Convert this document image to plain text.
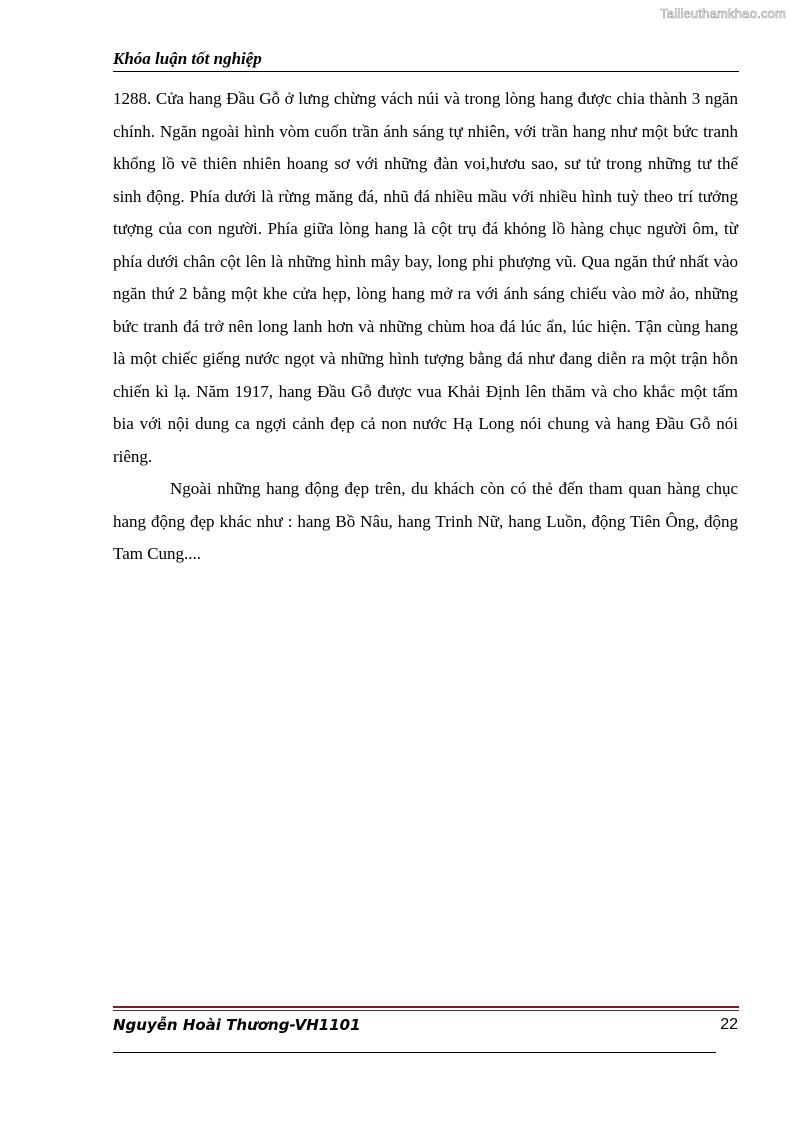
Tailieuthamkhao.com
Khóa luận tốt nghiệp

1288. Cửa hang Đầu Gỗ ở lưng chừng vách núi và trong lòng hang được chia thành 3 ngăn chính. Ngăn ngoài hình vòm cuốn trần ánh sáng tự nhiên, với trần hang như một bức tranh khổng lồ vẽ thiên nhiên hoang sơ với những đàn voi,hươu sao, sư tử trong những tư thế sinh động. Phía dưới là rừng măng đá, nhũ đá nhiều mầu với nhiều hình tuỳ theo trí tưởng tượng của con người. Phía giữa lòng hang là cột trụ đá khỏng lồ hàng chục người ôm, từ phía dưới chân cột lên là những hình mây bay, long phi phượng vũ. Qua ngăn thứ nhất vào ngăn thứ 2 bằng một khe cửa hẹp, lòng hang mở ra với ánh sáng chiếu vào mờ ảo, những bức tranh đá trở nên long lanh hơn và những chùm hoa đá lúc ẩn, lúc hiện. Tận cùng hang là một chiếc giếng nước ngọt và những hình tượng bằng đá như đang diễn ra một trận hỗn chiến kì lạ. Năm 1917, hang Đầu Gỗ được vua Khải Định lên thăm và cho khắc một tấm bia với nội dung ca ngợi cảnh đẹp cả non nước Hạ Long nói chung và hang Đầu Gỗ nói riêng.

Ngoài những hang động đẹp trên, du khách còn có thẻ đến tham quan hàng chục hang động đẹp khác như : hang Bồ Nâu, hang Trinh Nữ, hang Luồn, động Tiên Ông, động Tam Cung....

Nguyễn Hoài Thương-VH1101	22
